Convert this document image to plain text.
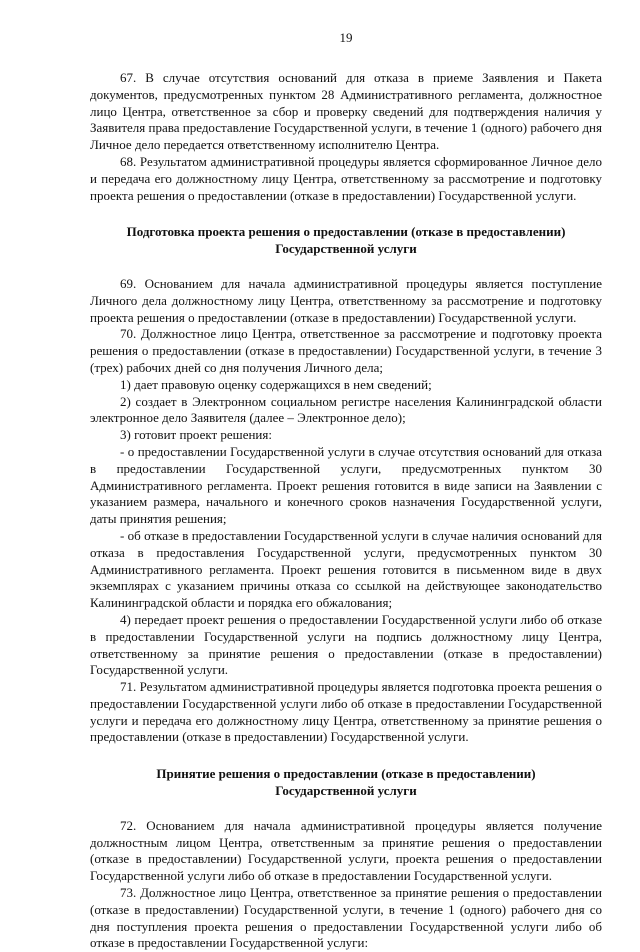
19

67. В случае отсутствия оснований для отказа в приеме Заявления и Пакета документов, предусмотренных пунктом 28 Административного регламента, должностное лицо Центра, ответственное за сбор и проверку сведений для подтверждения наличия у Заявителя права предоставление Государственной услуги, в течение 1 (одного) рабочего дня Личное дело передается ответственному исполнителю Центра.

68. Результатом административной процедуры является сформированное Личное дело и передача его должностному лицу Центра, ответственному за рассмотрение и подготовку проекта решения о предоставлении (отказе в предоставлении) Государственной услуги.

Подготовка проекта решения о предоставлении (отказе в предоставлении) Государственной услуги

69. Основанием для начала административной процедуры является поступление Личного дела должностному лицу Центра, ответственному за рассмотрение и подготовку проекта решения о предоставлении (отказе в предоставлении) Государственной услуги.

70. Должностное лицо Центра, ответственное за рассмотрение и подготовку проекта решения о предоставлении (отказе в предоставлении) Государственной услуги, в течение 3 (трех) рабочих дней со дня получения Личного дела;

1) дает правовую оценку содержащихся в нем сведений;

2) создает в Электронном социальном регистре населения Калининградской области электронное дело Заявителя (далее – Электронное дело);

3) готовит проект решения:

- о предоставлении Государственной услуги в случае отсутствия оснований для отказа в предоставлении Государственной услуги, предусмотренных пунктом 30 Административного регламента. Проект решения готовится в виде записи на Заявлении с указанием размера, начального и конечного сроков назначения Государственной услуги, даты принятия решения;

- об отказе в предоставлении Государственной услуги в случае наличия оснований для отказа в предоставления Государственной услуги, предусмотренных пунктом 30 Административного регламента. Проект решения готовится в письменном виде в двух экземплярах с указанием причины отказа со ссылкой на действующее законодательство Калининградской области и порядка его обжалования;

4) передает проект решения о предоставлении Государственной услуги либо об отказе в предоставлении Государственной услуги на подпись должностному лицу Центра, ответственному за принятие решения о предоставлении (отказе в предоставлении) Государственной услуги.

71. Результатом административной процедуры является подготовка проекта решения о предоставлении Государственной услуги либо об отказе в предоставлении Государственной услуги и передача его должностному лицу Центра, ответственному за принятие решения о предоставлении (отказе в предоставлении) Государственной услуги.

Принятие решения о предоставлении (отказе в предоставлении) Государственной услуги

72. Основанием для начала административной процедуры является получение должностным лицом Центра, ответственным за принятие решения о предоставлении (отказе в предоставлении) Государственной услуги, проекта решения о предоставлении Государственной услуги либо об отказе в предоставлении Государственной услуги.

73. Должностное лицо Центра, ответственное за принятие решения о предоставлении (отказе в предоставлении) Государственной услуги, в течение 1 (одного) рабочего дня со дня поступления проекта решения о предоставлении Государственной услуги либо об отказе в предоставлении Государственной услуги:
